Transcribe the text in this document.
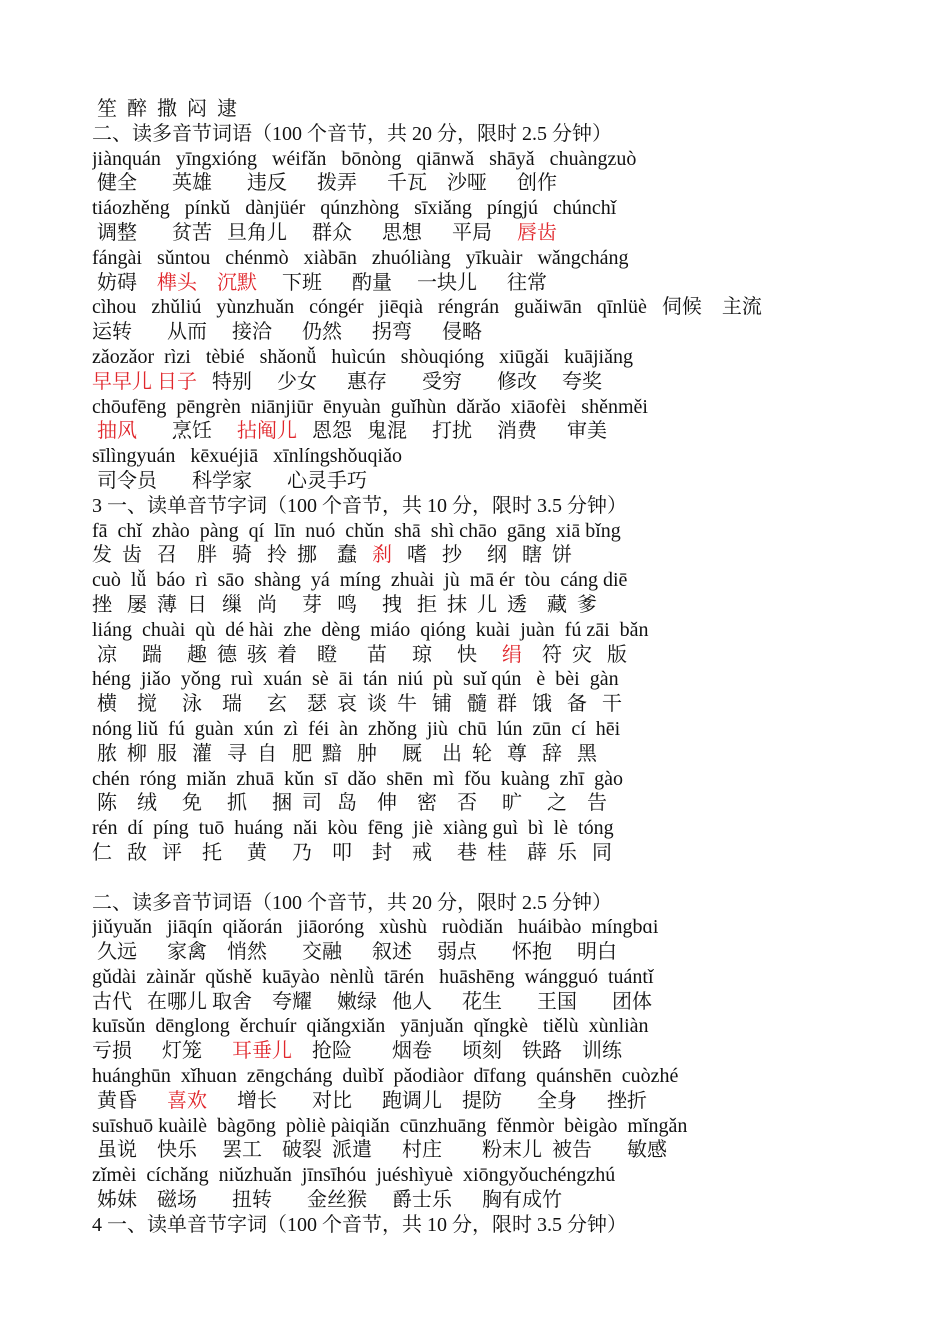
笙  醉  撒  闷  逮
二、读多音节词语（100 个音节，共 20 分，限时 2.5 分钟）
jiànquán   yīngxióng   wéifǎn   bōnòng   qiānwǎ   shāyǎ   chuàngzuò
健全       英雄       违反      拨弄      千瓦    沙哑      创作
tiáozhěng   pínkǔ   dànjüér   qúnzhòng   sīxiǎng   píngjú   chúnchǐ
调整       贫苦   旦角儿     群众      思想      平局     唇齿
fángài   sǔntou   chénmò   xiàbān   zhuóliàng   yīkuàir   wǎngcháng
妨碍    榫头 沉默     下班      酌量     一块儿      往常
cìhou   zhǔliú   yùnzhuǎn   cóngér   jiēqià   réngrán   guǎiwān   qīnlüè   伺候    主流
运转       从而     接洽      仍然      拐弯      侵略
zǎozǎor  rìzi   tèbié   shǎonǚ   huìcún   shòuqióng   xiūgǎi   kuājiǎng
早早儿 日子   特别     少女      惠存       受穷       修改     夸奖
chōufēng  pēngrèn  niānjiūr  ēnyuàn  guǐhùn  dǎrǎo  xiāofèi   shěnměi
抽风       烹饪     拈阄儿   恩怨   鬼混     打扰     消费      审美
sīlìngyuán   kēxuéjiā   xīnlíngshǒuqiǎo
司令员       科学家       心灵手巧
3 一、读单音节字词（100 个音节，共 10 分，限时 3.5 分钟）
fā  chǐ  zhào  pàng  qí  līn  nuó  chǔn  shā  shì chāo  gāng  xiā bǐng
发  齿   召    胖   骑   拎  挪    蠢   刹   嗜   抄     纲   瞎  饼
cuò  lǚ  báo  rì  sāo  shàng  yá  míng  zhuài  jù  mā ér  tòu  cáng diē
挫   屡  薄  日   缫   尚     芽   鸣     拽   拒  抹  儿  透    藏  爹
liáng  chuài  qù  dé hài  zhe  dèng  miáo  qióng  kuài  juàn  fú zāi  bǎn
凉     踹     趣  德  骇  着    瞪      苗     琼     快     绢    符  灾   版
héng  jiǎo  yǒng  ruì  xuán  sè  āi  tán  niú  pù  suǐ qún   è  bèi  gàn
横    搅     泳    瑞     玄    瑟  哀  谈  牛   铺   髓  群   饿   备   干
nóng liǔ  fú  guàn  xún  zì  féi  àn  zhǒng  jiù  chū  lún  zūn  cí  hēi
脓  柳  服   灌   寻  自   肥  黯   肿     厩    出  轮   尊   辞   黑
chén  róng  miǎn  zhuā  kǔn  sī  dǎo  shēn  mì  fǒu  kuàng  zhī  gào
陈    绒     免     抓     捆  司   岛    伸    密    否     旷     之    告
rén  dí  píng  tuō  huáng  nǎi  kòu  fēng  jiè  xiàng guì  bì  lè  tóng
仁   敌   评    托     黄     乃    叩    封    戒     巷  桂    薜  乐   同
二、读多音节词语（100 个音节，共 20 分，限时 2.5 分钟）
jiǔyuǎn   jiāqín  qiǎorán   jiāoróng   xùshù   ruòdiǎn   huáibào  míngbɑi
久远      家禽    悄然       交融      叙述     弱点       怀抱     明白
gǔdài  zàinǎr  qǔshě  kuāyào  nènlǜ  tārén   huāshēng  wángguó  tuántǐ
古代   在哪儿 取舍    夸耀     嫩绿   他人      花生       王国       团体
kuīsǔn  dēnglong  ěrchuír  qiǎngxiǎn   yānjuǎn  qǐngkè   tiělù  xùnliàn
亏损      灯笼      耳垂儿    抢险        烟卷      顷刻    铁路    训练
huánghūn  xǐhuɑn  zēngcháng  duìbǐ  pǎodiàor  dīfɑng  quánshēn  cuòzhé
黄昏      喜欢      增长       对比      跑调儿    提防       全身      挫折
suīshuō kuàilè  bàgōng  pòliè pàiqiǎn  cūnzhuāng  fěnmòr  bèigào  mǐngǎn
虽说    快乐     罢工    破裂  派遣      村庄        粉末儿  被告       敏感
zǐmèi  cíchǎng  niǔzhuǎn  jīnsīhóu  juéshìyuè  xiōngyǒuchéngzhú
姊妹    磁场       扭转       金丝猴     爵士乐      胸有成竹
4 一、读单音节字词（100 个音节，共 10 分，限时 3.5 分钟）
